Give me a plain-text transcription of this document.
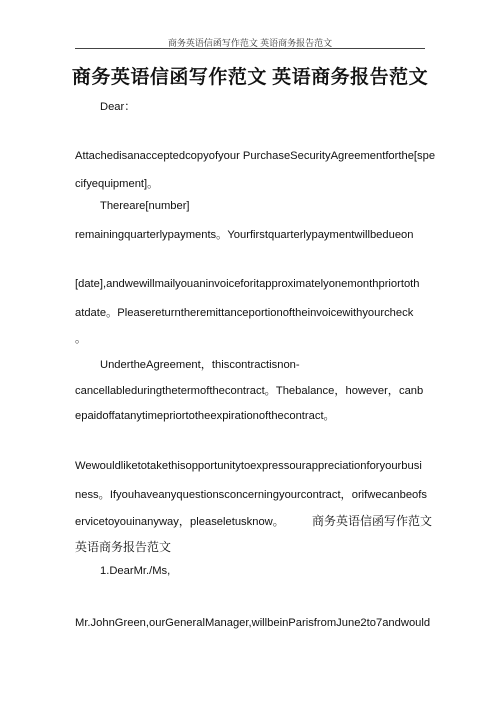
商务英语信函写作范文 英语商务报告范文
商务英语信函写作范文 英语商务报告范文
Dear：
Attachedisanacceptedcopyofyour PurchaseSecurityAgreementforthe[spe
cifyequipment]。
Thereare[number]
remainingquarterlypayments。Yourfirstquarterlypaymentwillbedueon
[date],andwewillmailyouaninvoiceforitapproximatelyonemonthpriortoth
atdate。Pleasereturntheremittanceportionoftheinvoicewithyourcheck
。
UndertheAgreement，thiscontractisnon-
cancellableduringthetermofthecontract。Thebalance，however，canb
epaidoffatanytimepriortotheexpirationofthecontract。
Wewouldliketotakethisopportunitytoexpressourappreciationforyourbusi
ness。Ifyouhaveanyquestionsconcerningyourcontract，orifwecanbeofs
ervicetoyouinanyway，pleaseletusknow。 商务英语信函写作范文
英语商务报告范文
1.DearMr./Ms,
Mr.JohnGreen,ourGeneralManager,willbeinParisfromJune2to7andwould
